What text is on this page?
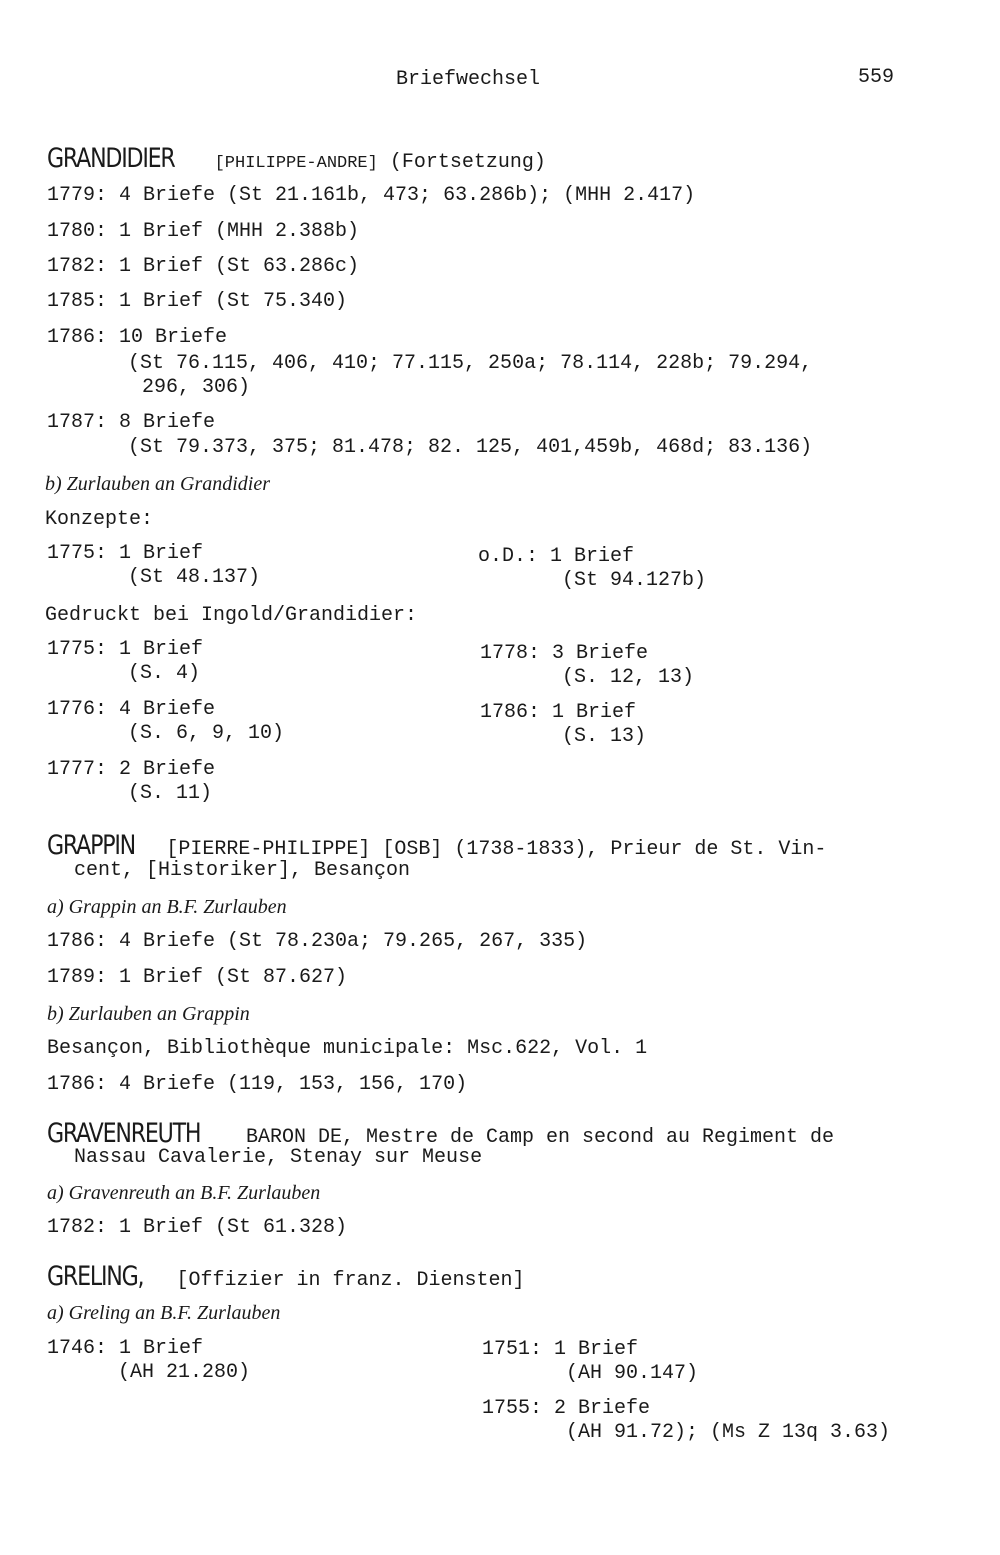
Briefwechsel	559
GRANDIDIER [PHILIPPE-ANDRE] (Fortsetzung)
1779: 4 Briefe (St 21.161b, 473; 63.286b); (MHH 2.417)
1780: 1 Brief (MHH 2.388b)
1782: 1 Brief (St 63.286c)
1785: 1 Brief (St 75.340)
1786: 10 Briefe
(St 76.115, 406, 410; 77.115, 250a; 78.114, 228b; 79.294,
296, 306)
1787: 8 Briefe
(St 79.373, 375; 81.478; 82. 125, 401,459b, 468d; 83.136)
b) Zurlauben an Grandidier
Konzepte:
1775: 1 Brief
(St 48.137)
o.D.: 1 Brief
(St 94.127b)
Gedruckt bei Ingold/Grandidier:
1775: 1 Brief
(S. 4)
1776: 4 Briefe
(S. 6, 9, 10)
1777: 2 Briefe
(S. 11)
1778: 3 Briefe
(S. 12, 13)
1786: 1 Brief
(S. 13)
GRAPPIN [PIERRE-PHILIPPE] [OSB] (1738-1833), Prieur de St. Vin-
cent, [Historiker], Besançon
a) Grappin an B.F. Zurlauben
1786: 4 Briefe (St 78.230a; 79.265, 267, 335)
1789: 1 Brief (St 87.627)
b) Zurlauben an Grappin
Besançon, Bibliothèque municipale: Msc.622, Vol. 1
1786: 4 Briefe (119, 153, 156, 170)
GRAVENREUTH BARON DE, Mestre de Camp en second au Regiment de
Nassau Cavalerie, Stenay sur Meuse
a) Gravenreuth an B.F. Zurlauben
1782: 1 Brief (St 61.328)
GRELING, [Offizier in franz. Diensten]
a) Greling an B.F. Zurlauben
1746: 1 Brief
(AH 21.280)
1751: 1 Brief
(AH 90.147)
1755: 2 Briefe
(AH 91.72); (Ms Z 13q 3.63)
